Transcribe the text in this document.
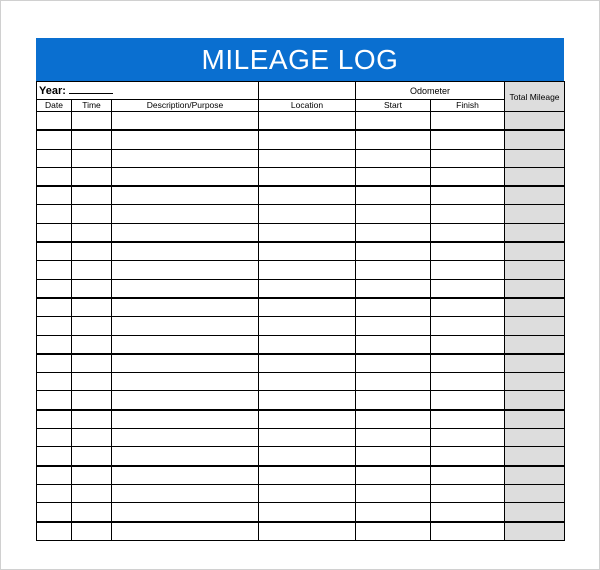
MILEAGE LOG
Year:				Odometer		Total Mileage
Date	Time	Description/Purpose	Location	Start	Finish	
